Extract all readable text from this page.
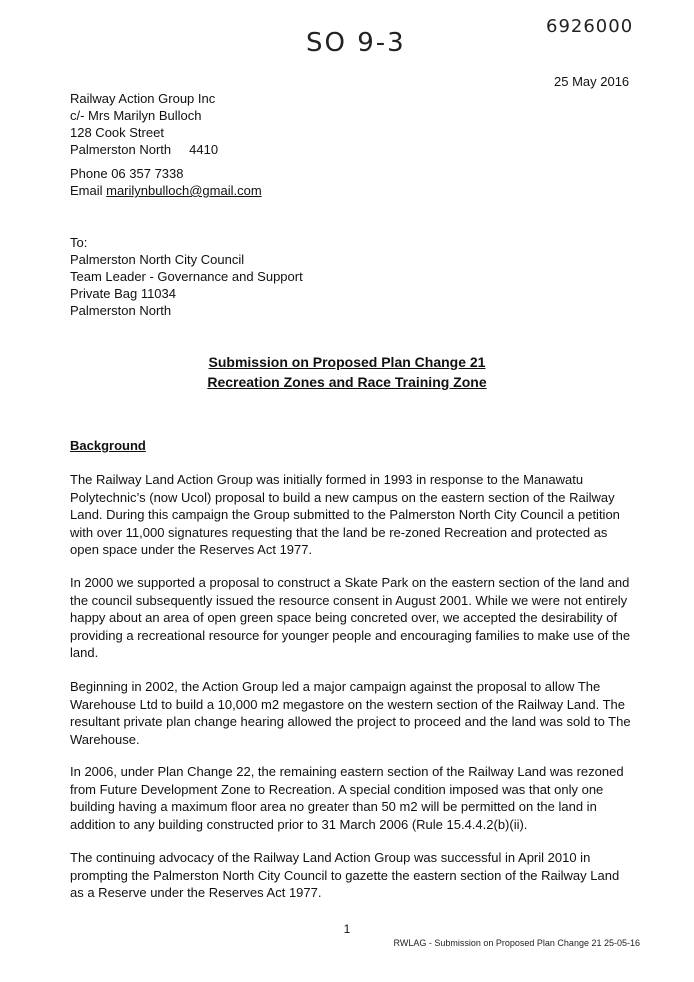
SO 9-3
6926000
25 May 2016
Railway Action Group Inc
c/- Mrs Marilyn Bulloch
128 Cook Street
Palmerston North 4410
Phone 06 357 7338
Email marilynbulloch@gmail.com
To:
Palmerston North City Council
Team Leader - Governance and Support
Private Bag 11034
Palmerston North
Submission on Proposed Plan Change 21
Recreation Zones and Race Training Zone
Background
The Railway Land Action Group was initially formed in 1993 in response to the Manawatu Polytechnic’s (now Ucol) proposal to build a new campus on the eastern section of the Railway Land. During this campaign the Group submitted to the Palmerston North City Council a petition with over 11,000 signatures requesting that the land be re-zoned Recreation and protected as open space under the Reserves Act 1977.
In 2000 we supported a proposal to construct a Skate Park on the eastern section of the land and the council subsequently issued the resource consent in August 2001. While we were not entirely happy about an area of open green space being concreted over, we accepted the desirability of providing a recreational resource for younger people and encouraging families to make use of the land.
Beginning in 2002, the Action Group led a major campaign against the proposal to allow The Warehouse Ltd to build a 10,000 m2 megastore on the western section of the Railway Land. The resultant private plan change hearing allowed the project to proceed and the land was sold to The Warehouse.
In 2006, under Plan Change 22, the remaining eastern section of the Railway Land was rezoned from Future Development Zone to Recreation. A special condition imposed was that only one building having a maximum floor area no greater than 50 m2 will be permitted on the land in addition to any building constructed prior to 31 March 2006 (Rule 15.4.4.2(b)(ii).
The continuing advocacy of the Railway Land Action Group was successful in April 2010 in prompting the Palmerston North City Council to gazette the eastern section of the Railway Land as a Reserve under the Reserves Act 1977.
1
RWLAG - Submission on Proposed Plan Change 21 25-05-16
